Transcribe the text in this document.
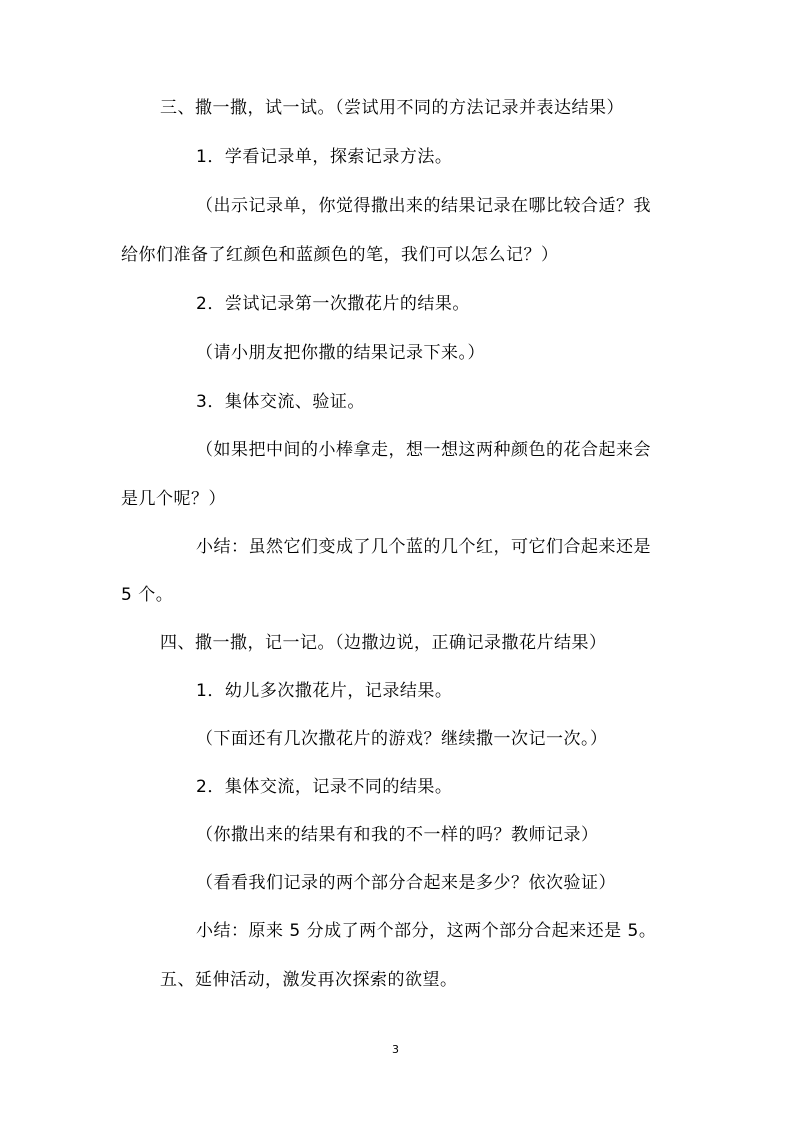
三、撒一撒，试一试。（尝试用不同的方法记录并表达结果）
1．学看记录单，探索记录方法。
（出示记录单，你觉得撒出来的结果记录在哪比较合适？我
给你们准备了红颜色和蓝颜色的笔，我们可以怎么记？）
2．尝试记录第一次撒花片的结果。
（请小朋友把你撒的结果记录下来。）
3．集体交流、验证。
（如果把中间的小棒拿走，想一想这两种颜色的花合起来会
是几个呢？）
小结：虽然它们变成了几个蓝的几个红，可它们合起来还是
5 个。
四、撒一撒，记一记。（边撒边说，正确记录撒花片结果）
1．幼儿多次撒花片，记录结果。
（下面还有几次撒花片的游戏？继续撒一次记一次。）
2．集体交流，记录不同的结果。
（你撒出来的结果有和我的不一样的吗？教师记录）
（看看我们记录的两个部分合起来是多少？依次验证）
小结：原来 5 分成了两个部分，这两个部分合起来还是 5。
五、延伸活动，激发再次探索的欲望。
3
